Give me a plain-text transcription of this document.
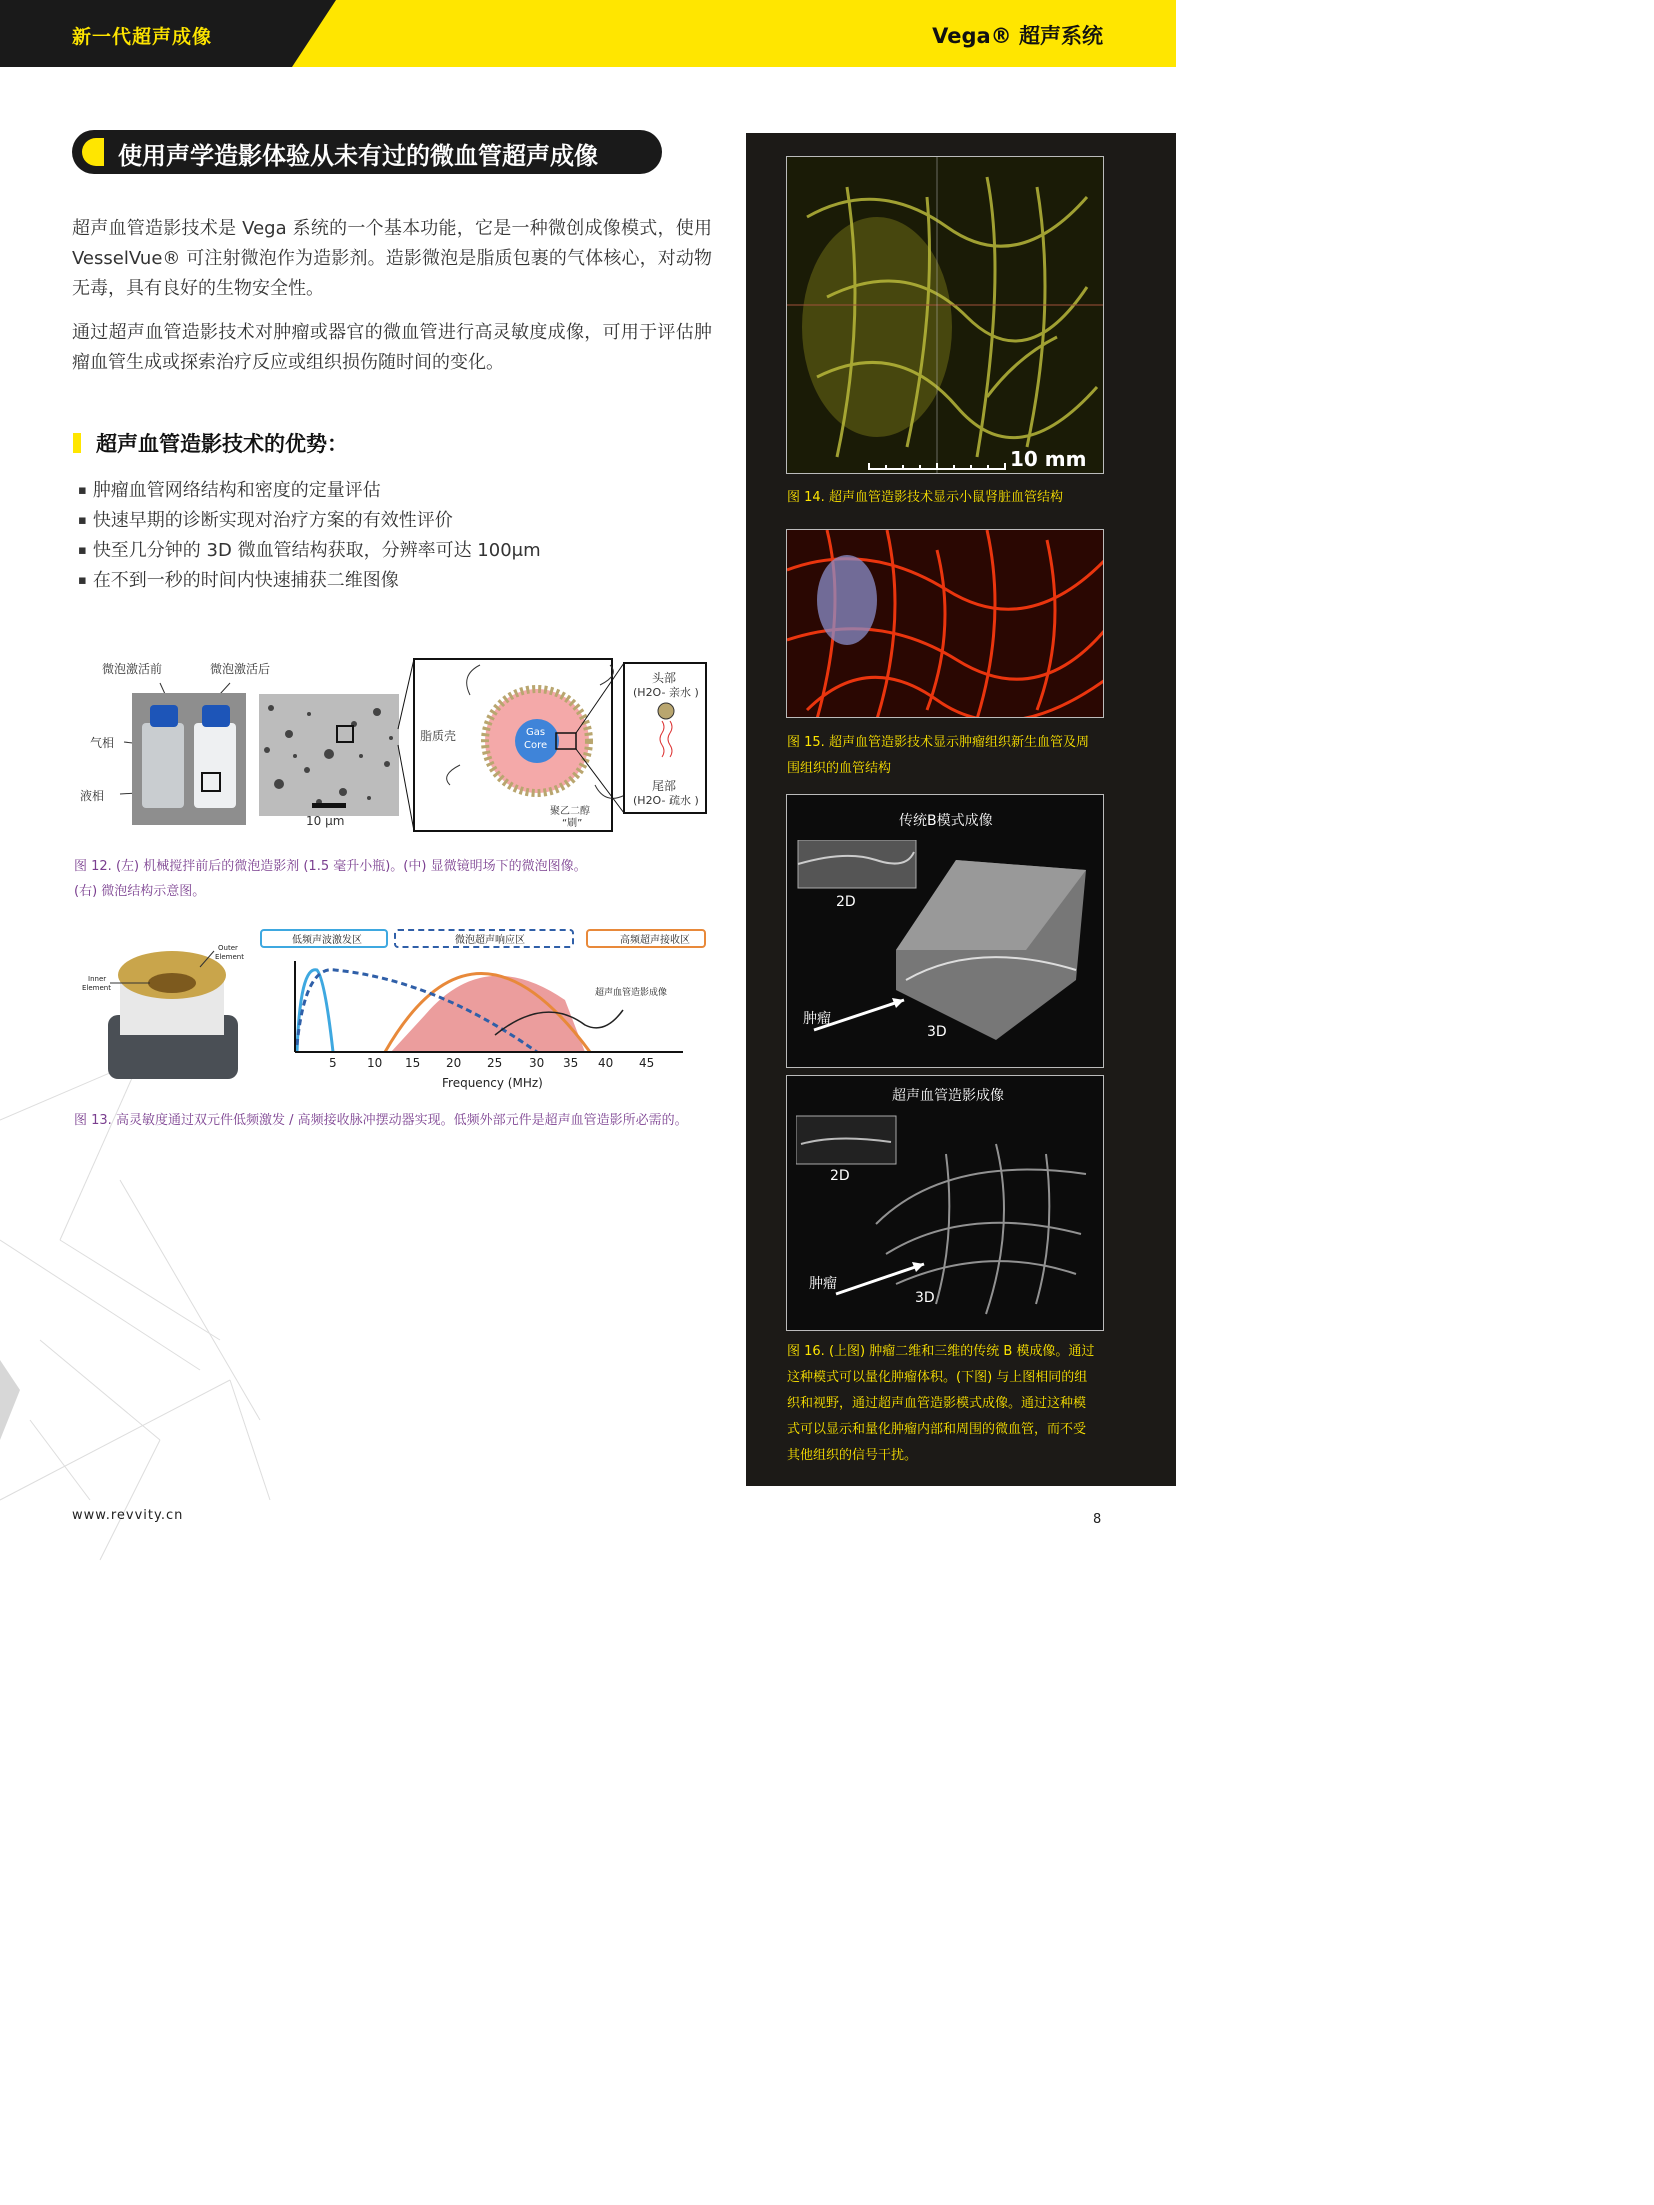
新一代超声成像	Vega® 超声系统
使用声学造影体验从未有过的微血管超声成像
超声血管造影技术是 Vega 系统的一个基本功能，它是一种微创成像模式，使用 VesselVue® 可注射微泡作为造影剂。造影微泡是脂质包裹的气体核心，对动物无毒，具有良好的生物安全性。
通过超声血管造影技术对肿瘤或器官的微血管进行高灵敏度成像，可用于评估肿瘤血管生成或探索治疗反应或组织损伤随时间的变化。
超声血管造影技术的优势：
▪ 肿瘤血管网络结构和密度的定量评估
▪ 快速早期的诊断实现对治疗方案的有效性评价
▪ 快至几分钟的 3D 微血管结构获取，分辨率可达 100μm
▪ 在不到一秒的时间内快速捕获二维图像
微泡激活前	微泡激活后
气相
液相
10 μm
脂质壳	Gas
Core
聚乙二醇
“刷”
头部
(H2O- 亲水 )
尾部
(H2O- 疏水 )
图 12. (左) 机械搅拌前后的微泡造影剂 (1.5 毫升小瓶)。(中) 显微镜明场下的微泡图像。
(右) 微泡结构示意图。
Outer
Element
Inner
Element
低频声波激发区	微泡超声响应区	高频超声接收区
超声血管造影成像
5	10 15 20 25 30 35 40 45
Frequency (MHz)
图 13. 高灵敏度通过双元件低频激发 / 高频接收脉冲摆动器实现。低频外部元件是超声血管造影所必需的。
10 mm
图 14. 超声血管造影技术显示小鼠肾脏血管结构
图 15. 超声血管造影技术显示肿瘤组织新生血管及周
围组织的血管结构
传统B模式成像
2D
肿瘤
3D
超声血管造影成像
2D
肿瘤
3D
图 16. (上图) 肿瘤二维和三维的传统 B 模成像。通过
这种模式可以量化肿瘤体积。(下图) 与上图相同的组
织和视野，通过超声血管造影模式成像。通过这种模
式可以显示和量化肿瘤内部和周围的微血管，而不受
其他组织的信号干扰。
www.revvity.cn	8
